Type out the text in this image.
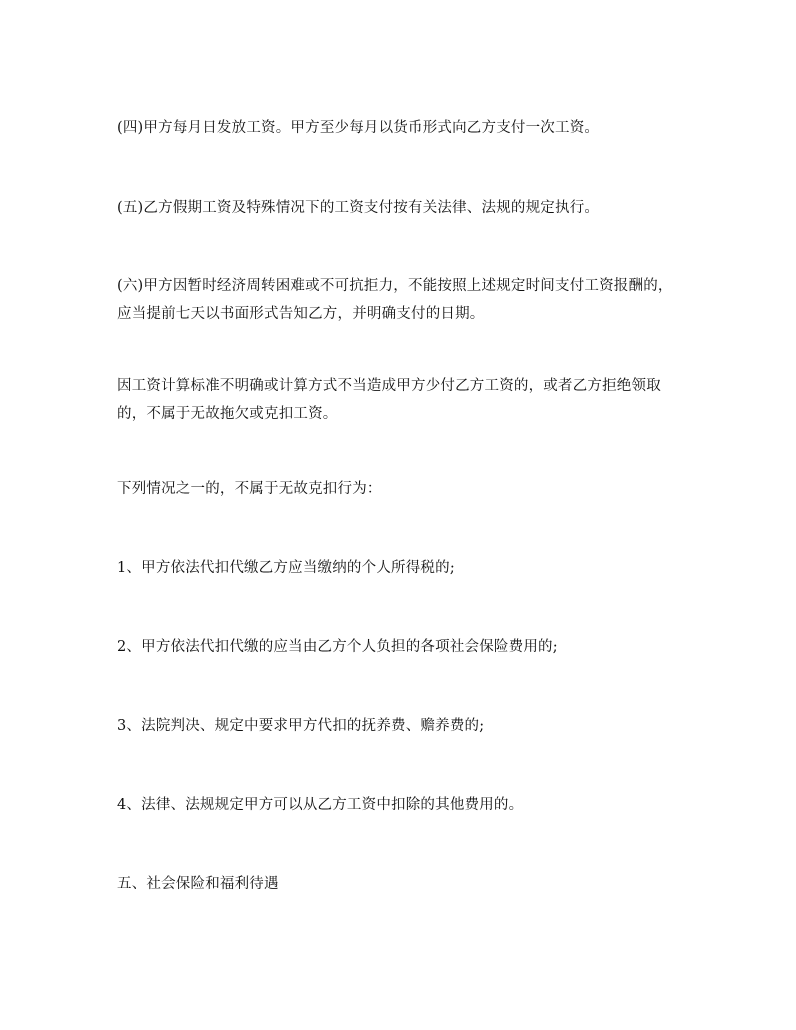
(四)甲方每月日发放工资。甲方至少每月以货币形式向乙方支付一次工资。

(五)乙方假期工资及特殊情况下的工资支付按有关法律、法规的规定执行。

(六)甲方因暂时经济周转困难或不可抗拒力，不能按照上述规定时间支付工资报酬的，应当提前七天以书面形式告知乙方，并明确支付的日期。

因工资计算标准不明确或计算方式不当造成甲方少付乙方工资的，或者乙方拒绝领取的，不属于无故拖欠或克扣工资。

下列情况之一的，不属于无故克扣行为：

1、甲方依法代扣代缴乙方应当缴纳的个人所得税的;

2、甲方依法代扣代缴的应当由乙方个人负担的各项社会保险费用的;

3、法院判决、规定中要求甲方代扣的抚养费、赡养费的;

4、法律、法规规定甲方可以从乙方工资中扣除的其他费用的。

五、社会保险和福利待遇
